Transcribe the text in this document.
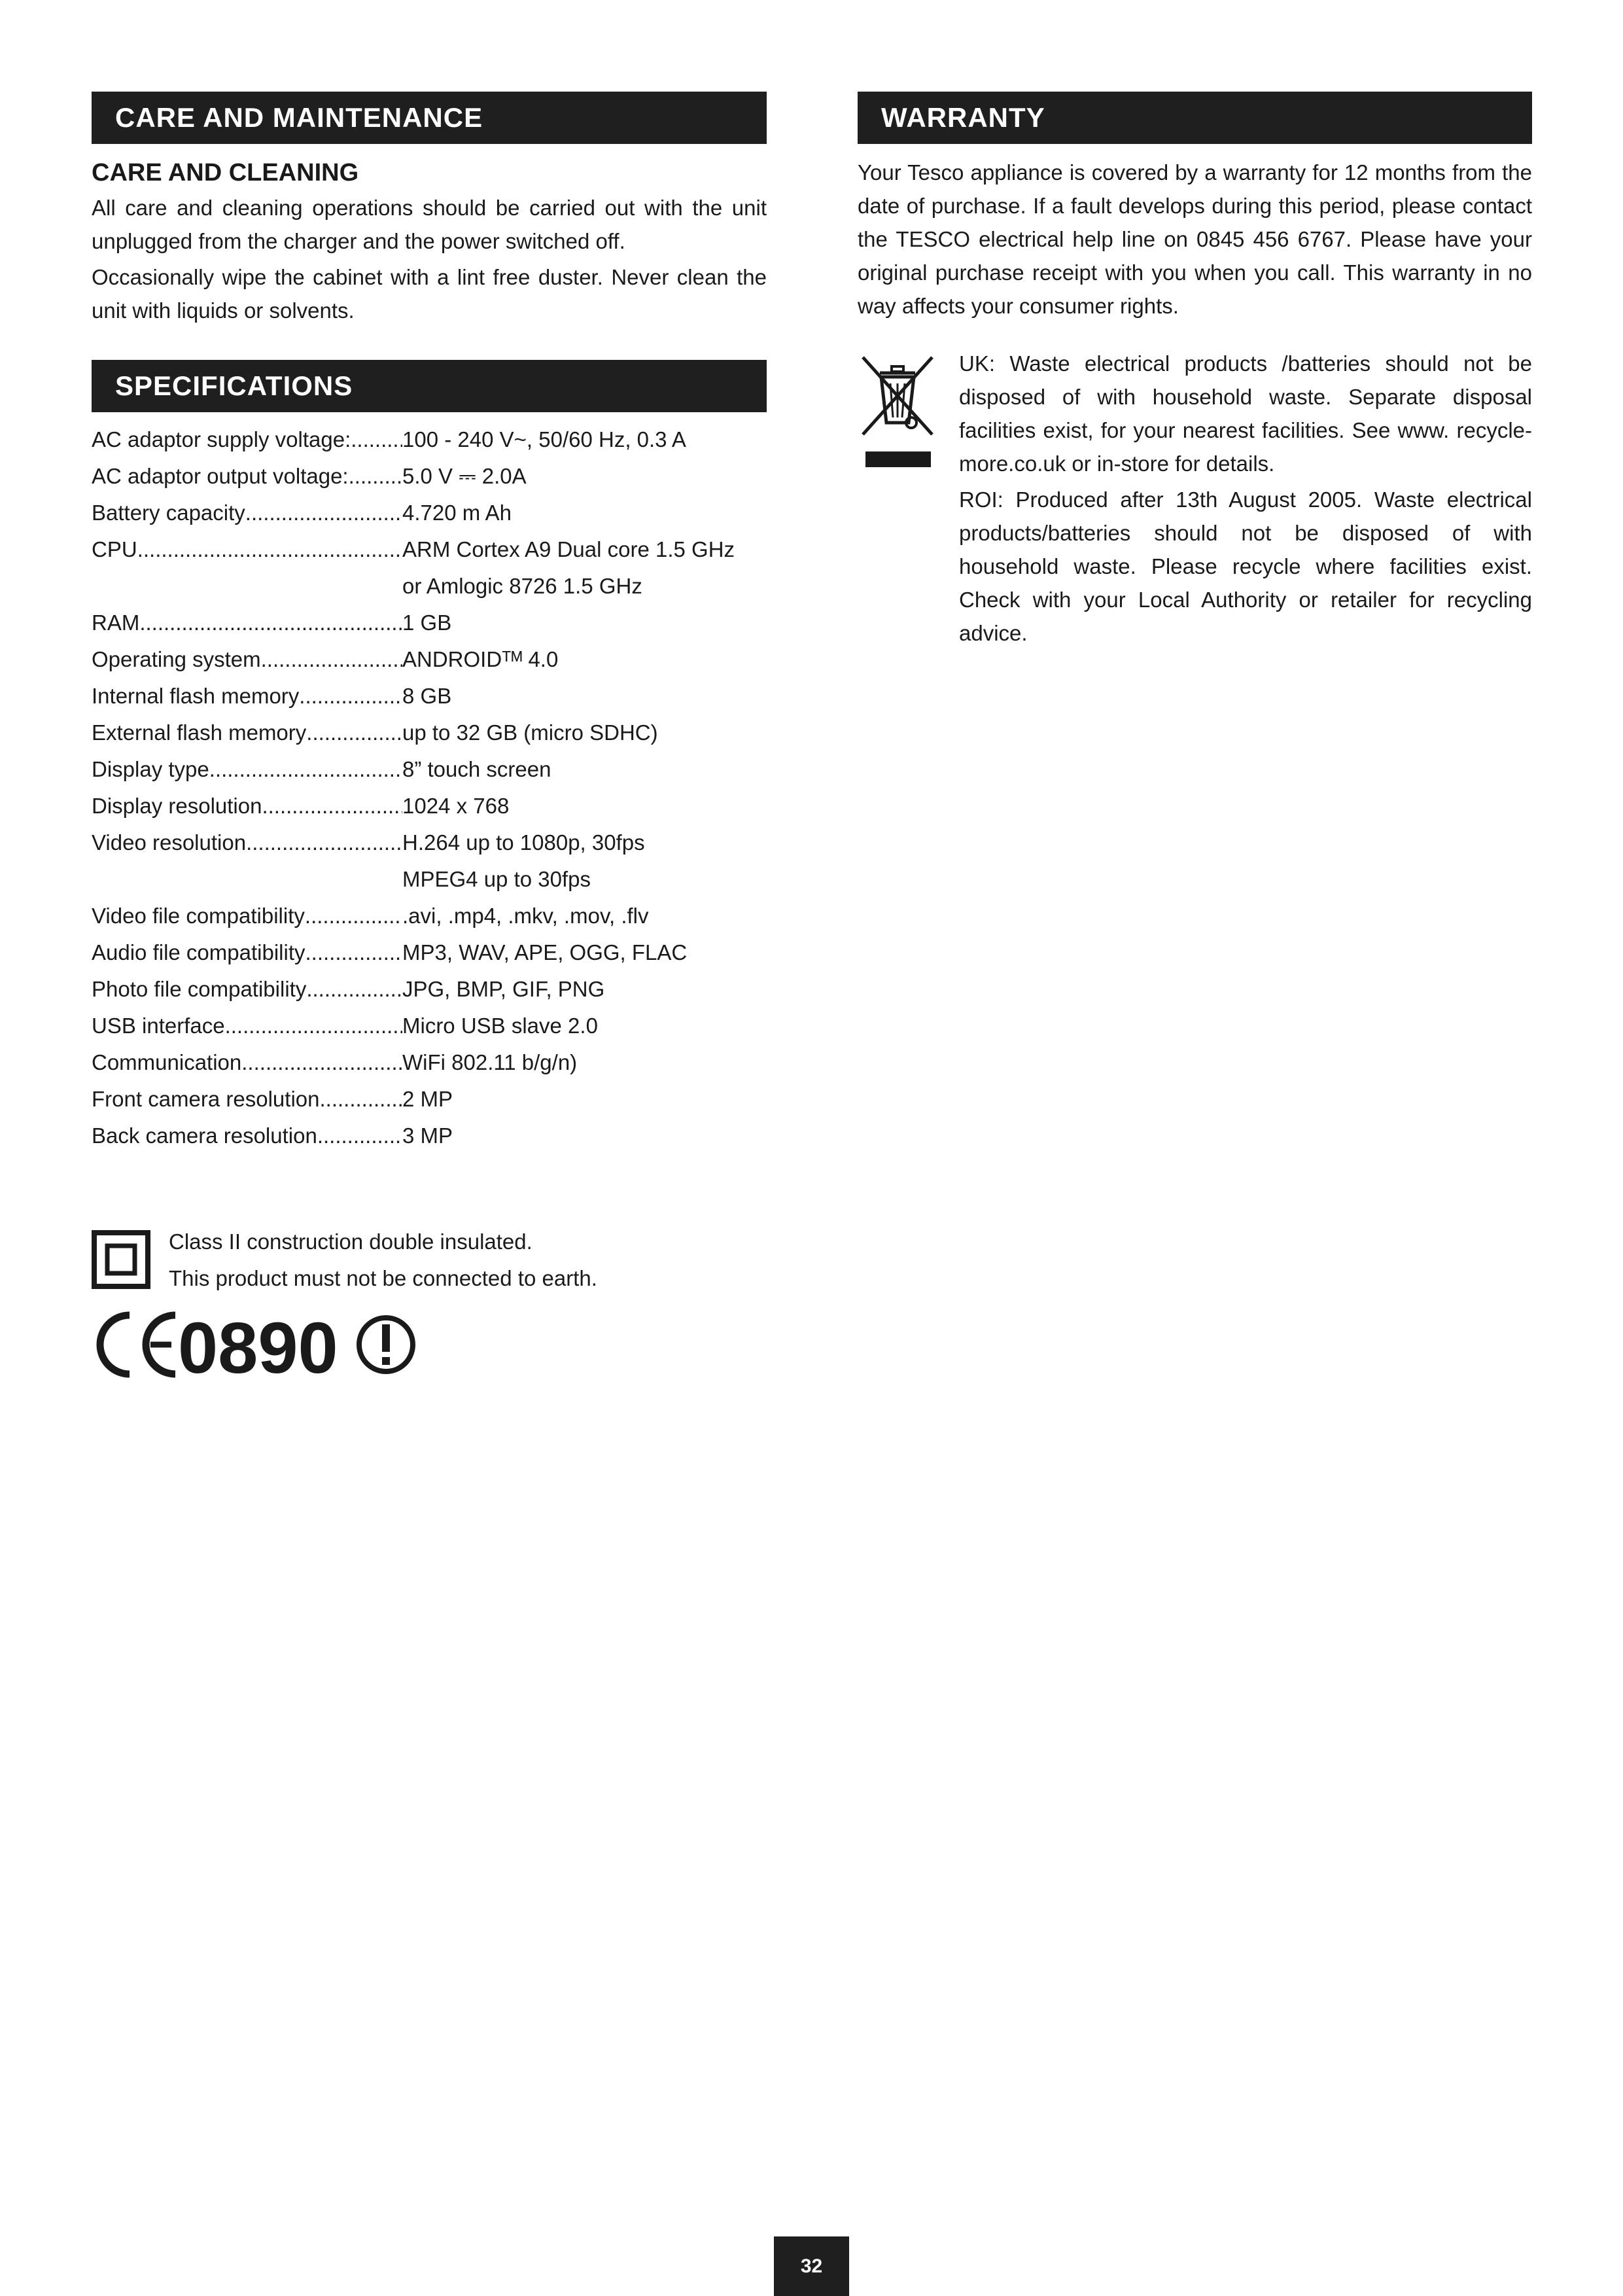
CARE AND MAINTENANCE
CARE AND CLEANING

All care and cleaning operations should be carried out with the unit unplugged from the charger and the power switched off.

Occasionally wipe the cabinet with a lint free duster. Never clean the unit with liquids or solvents.

SPECIFICATIONS
AC adaptor supply voltage: ..... 100 - 240 V~, 50/60 Hz, 0.3 A
AC adaptor output voltage: ..... 5.0 V ⎓ 2.0A
Battery capacity .....	4.720 m Ah
CPU .....	ARM Cortex A9 Dual core 1.5 GHz
or Amlogic 8726 1.5 GHz
RAM .....	1 GB
Operating system .....	ANDROIDᵀᴹ 4.0
Internal flash memory .....	8 GB
External flash memory .....	up to 32 GB (micro SDHC)
Display type .....	8” touch screen
Display resolution .....	1024 x 768
Video resolution .....	H.264 up to 1080p, 30fps
MPEG4 up to 30fps
Video file compatibility .....	.avi, .mp4, .mkv, .mov, .flv
Audio file compatibility .....	MP3, WAV, APE, OGG, FLAC
Photo file compatibility .....	JPG, BMP, GIF, PNG
USB interface .....	Micro USB slave 2.0
Communication .....	WiFi 802.11 b/g/n)
Front camera resolution .....	2 MP
Back camera resolution .....	3 MP
Class II construction double insulated.
This product must not be connected to earth.
0890
WARRANTY

Your Tesco appliance is covered by a warranty for 12 months from the date of purchase. If a fault develops during this period, please contact the TESCO electrical help line on 0845 456 6767. Please have your original purchase receipt with you when you call. This warranty in no way affects your consumer rights.

UK: Waste electrical products /batteries should not be disposed of with household waste. Separate disposal facilities exist, for your nearest facilities. See www. recycle-more.co.uk or in-store for details.

ROI: Produced after 13th August 2005. Waste electrical products/batteries should not be disposed of with household waste. Please recycle where facilities exist. Check with your Local Authority or retailer for recycling advice.

32
